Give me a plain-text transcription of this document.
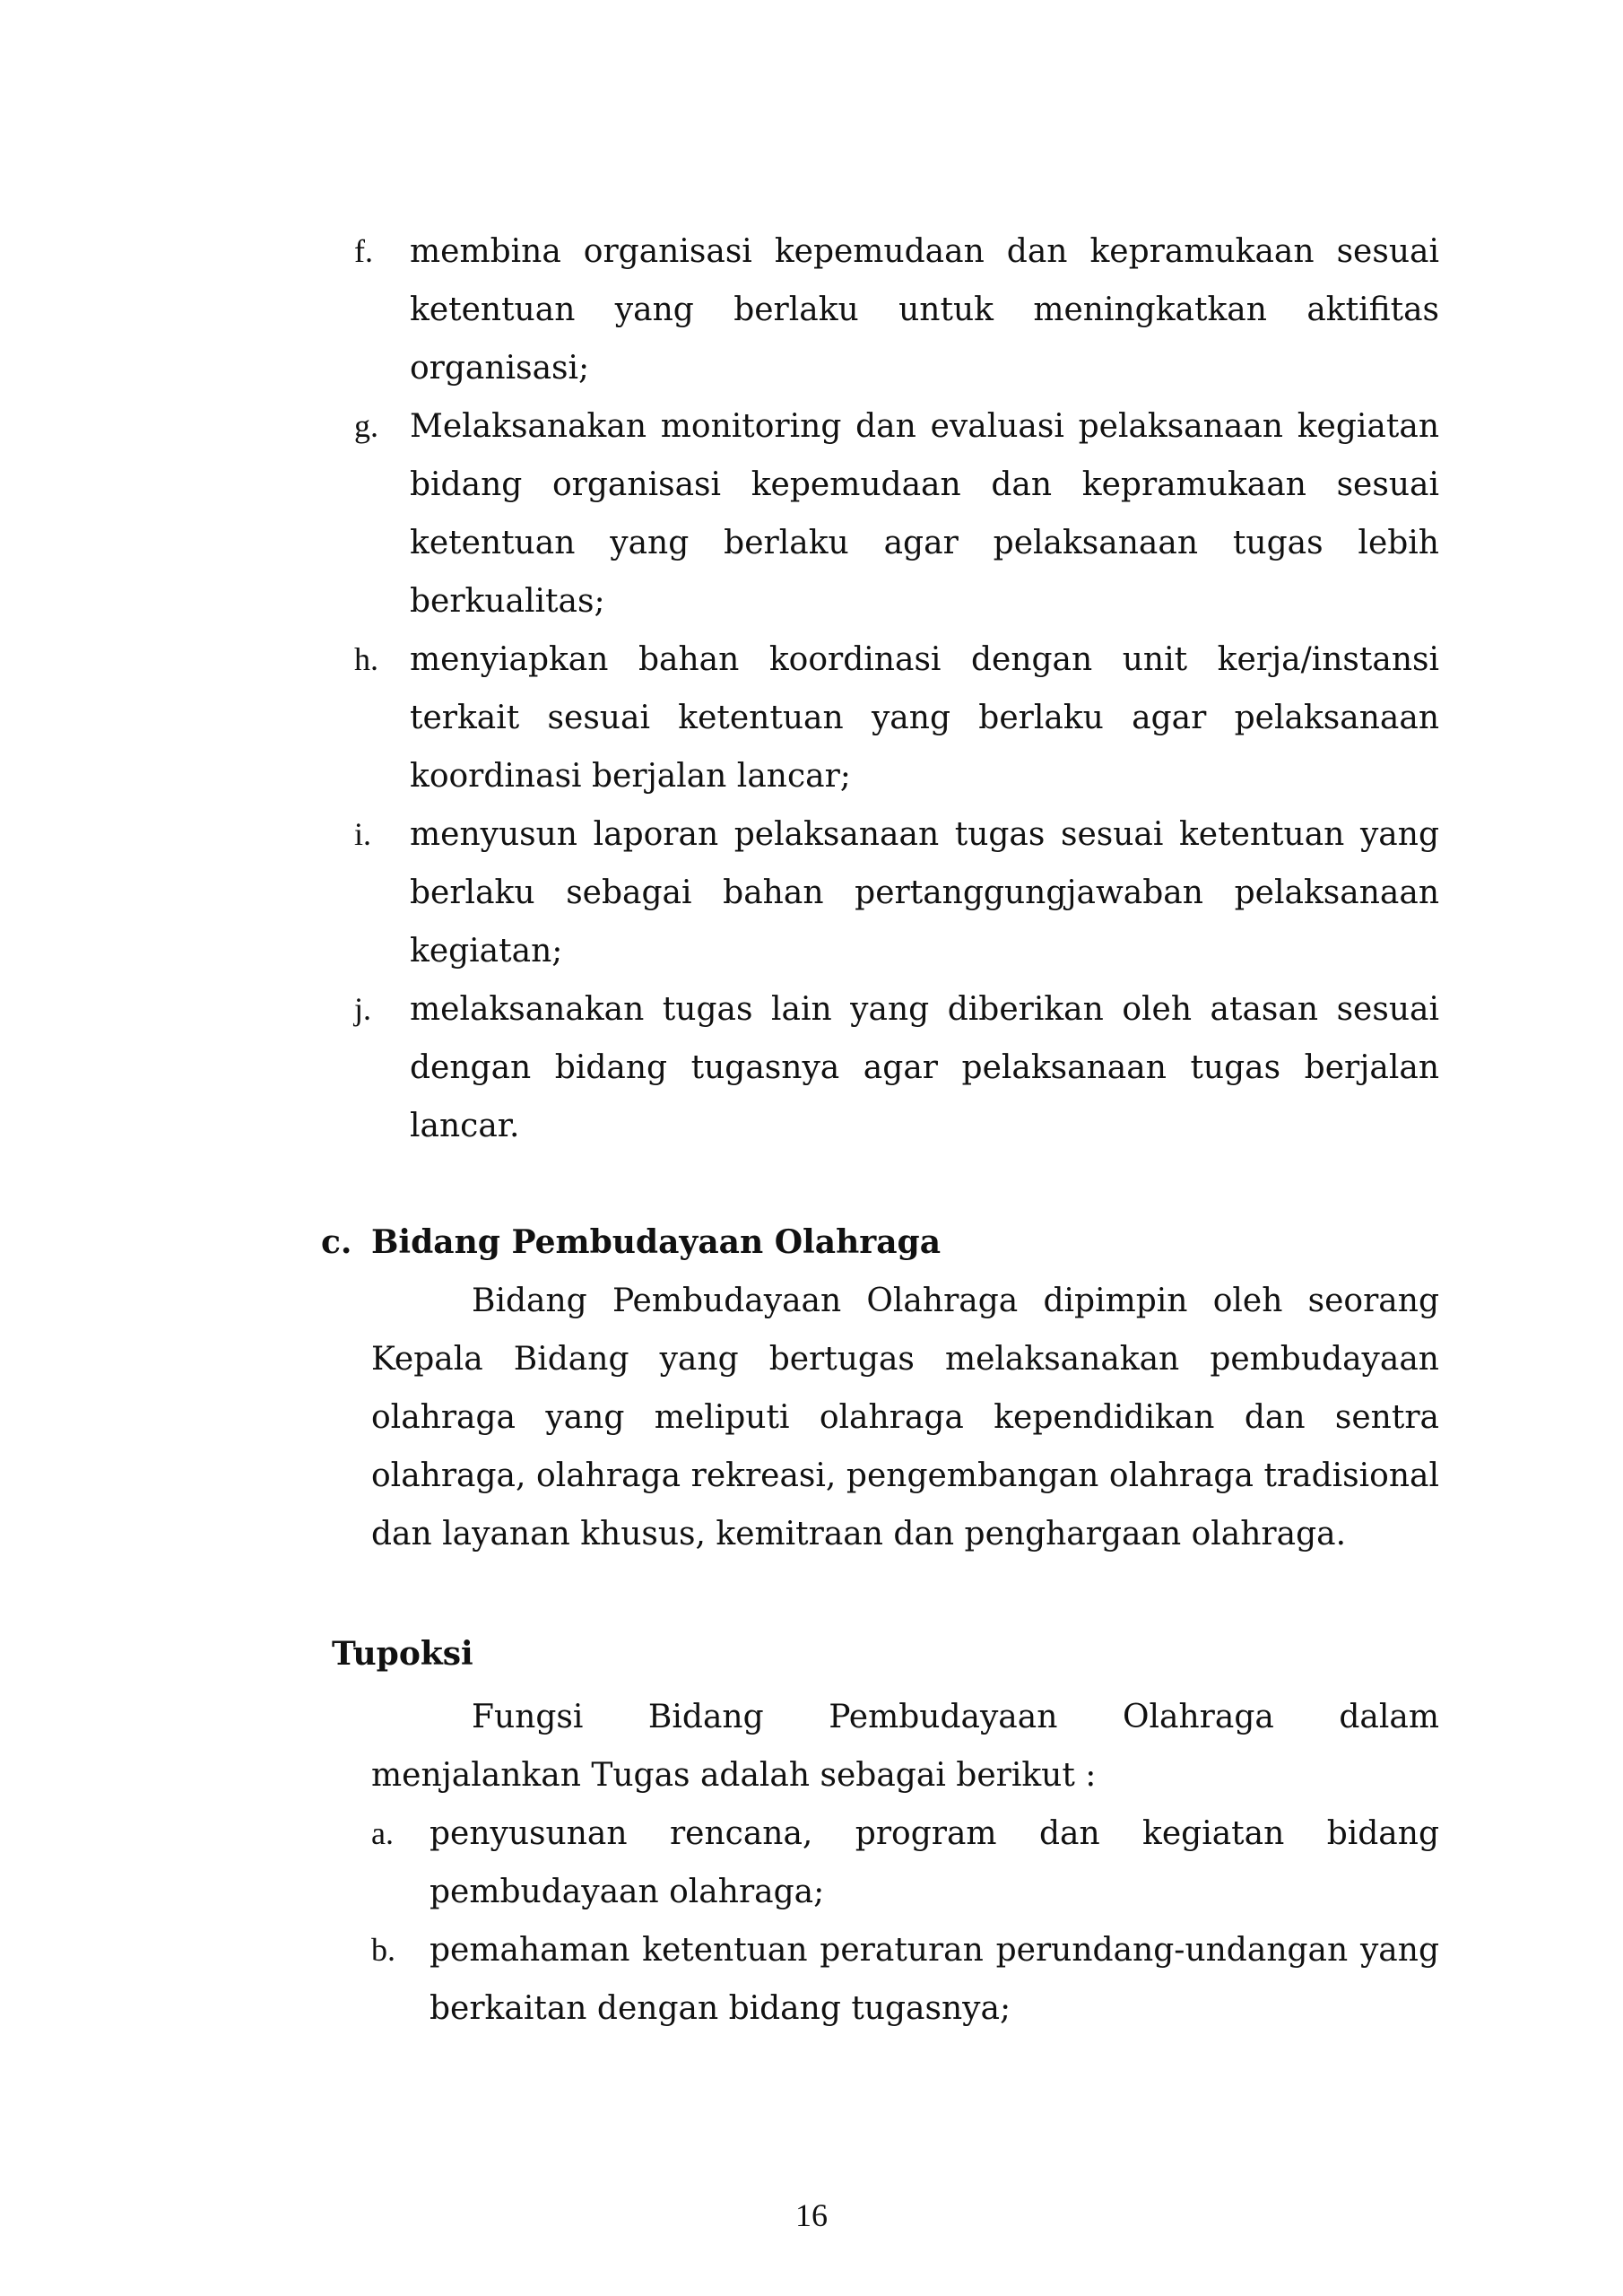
f. membina organisasi kepemudaan dan kepramukaan sesuai ketentuan yang berlaku untuk meningkatkan aktifitas organisasi;
g. Melaksanakan monitoring dan evaluasi pelaksanaan kegiatan bidang organisasi kepemudaan dan kepramukaan sesuai ketentuan yang berlaku agar pelaksanaan tugas lebih berkualitas;
h. menyiapkan bahan koordinasi dengan unit kerja/instansi terkait sesuai ketentuan yang berlaku agar pelaksanaan koordinasi berjalan lancar;
i. menyusun laporan pelaksanaan tugas sesuai ketentuan yang berlaku sebagai bahan pertanggungjawaban pelaksanaan kegiatan;
j. melaksanakan tugas lain yang diberikan oleh atasan sesuai dengan bidang tugasnya agar pelaksanaan tugas berjalan lancar.
c. Bidang Pembudayaan Olahraga
Bidang Pembudayaan Olahraga dipimpin oleh seorang Kepala Bidang yang bertugas melaksanakan pembudayaan olahraga yang meliputi olahraga kependidikan dan sentra olahraga, olahraga rekreasi, pengembangan olahraga tradisional dan layanan khusus, kemitraan dan penghargaan olahraga.
Tupoksi
Fungsi Bidang Pembudayaan Olahraga dalam menjalankan Tugas adalah sebagai berikut :
a. penyusunan rencana, program dan kegiatan bidang pembudayaan olahraga;
b. pemahaman ketentuan peraturan perundang-undangan yang berkaitan dengan bidang tugasnya;
16
